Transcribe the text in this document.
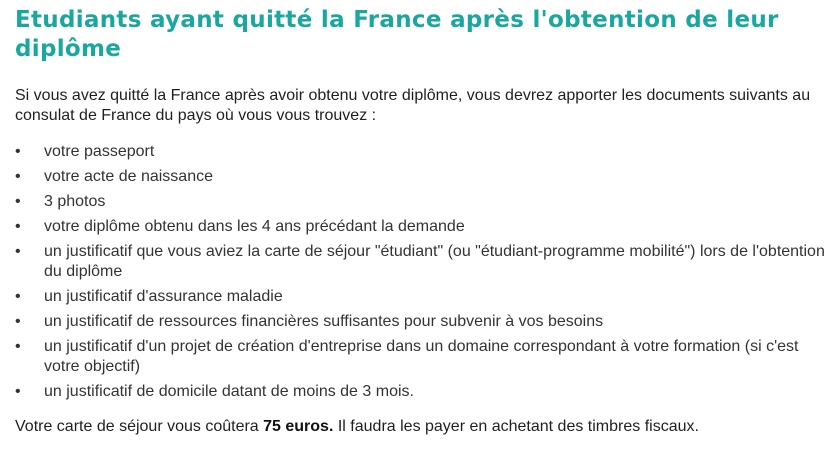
Etudiants ayant quitté la France après l'obtention de leur diplôme

Si vous avez quitté la France après avoir obtenu votre diplôme, vous devrez apporter les documents suivants au consulat de France du pays où vous vous trouvez :

• votre passeport
• votre acte de naissance
• 3 photos
• votre diplôme obtenu dans les 4 ans précédant la demande
• un justificatif que vous aviez la carte de séjour "étudiant" (ou "étudiant-programme mobilité") lors de l'obtention du diplôme
• un justificatif d'assurance maladie
• un justificatif de ressources financières suffisantes pour subvenir à vos besoins
• un justificatif d'un projet de création d'entreprise dans un domaine correspondant à votre formation (si c'est votre objectif)
• un justificatif de domicile datant de moins de 3 mois.

Votre carte de séjour vous coûtera 75 euros. Il faudra les payer en achetant des timbres fiscaux.
